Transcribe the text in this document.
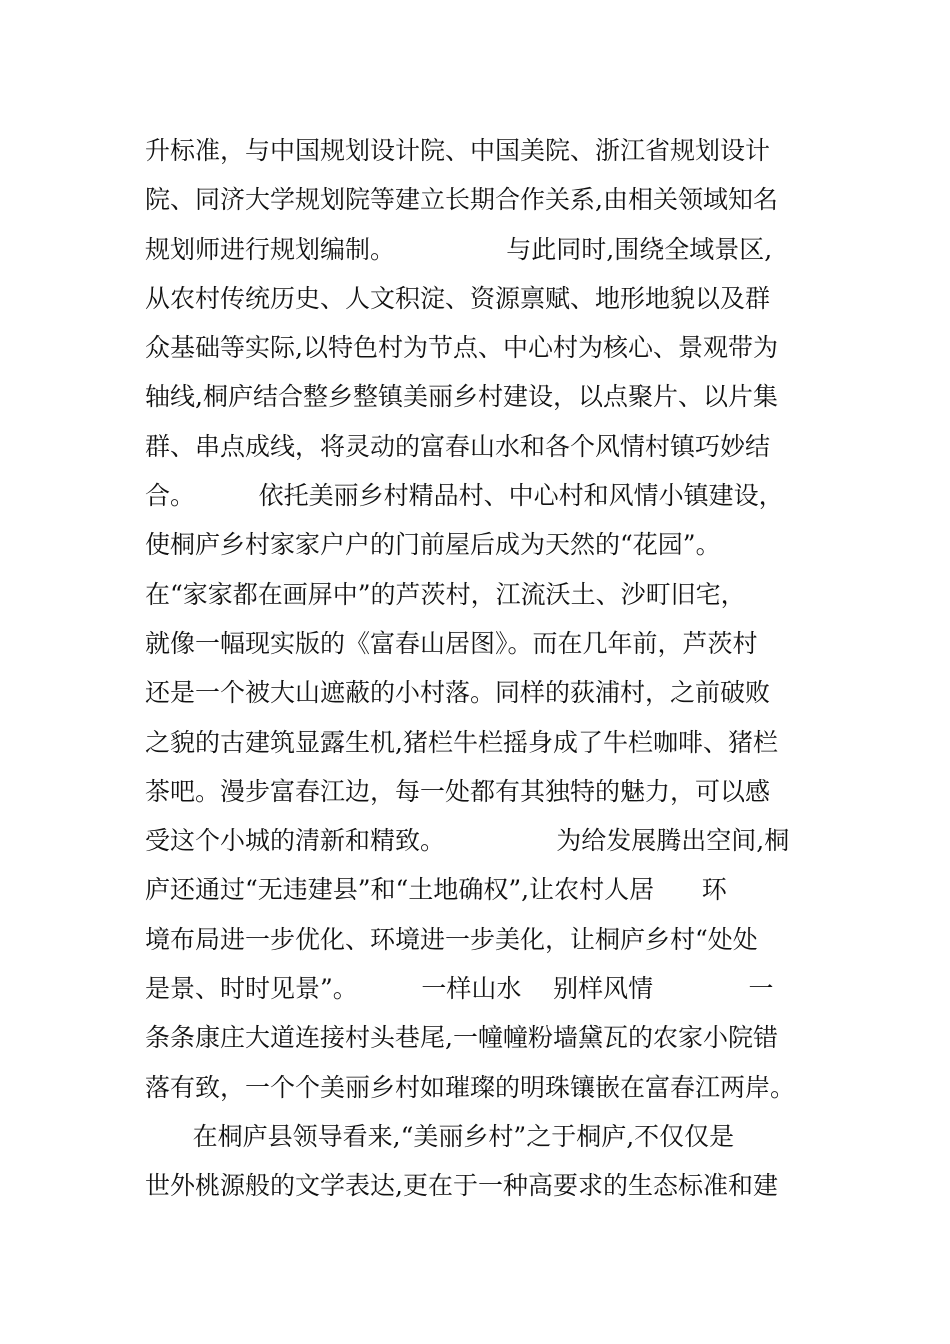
升标准，与中国规划设计院、中国美院、浙江省规划设计
院、同济大学规划院等建立长期合作关系,由相关领域知名
规划师进行规划编制。              与此同时,围绕全域景区,
从农村传统历史、人文积淀、资源禀赋、地形地貌以及群
众基础等实际,以特色村为节点、中心村为核心、景观带为
轴线,桐庐结合整乡整镇美丽乡村建设，以点聚片、以片集
群、串点成线，将灵动的富春山水和各个风情村镇巧妙结
合。        依托美丽乡村精品村、中心村和风情小镇建设，
使桐庐乡村家家户户的门前屋后成为天然的“花园”。
在“家家都在画屏中”的芦茨村，江流沃土、沙町旧宅，
就像一幅现实版的《富春山居图》。而在几年前，芦茨村
还是一个被大山遮蔽的小村落。同样的荻浦村，之前破败
之貌的古建筑显露生机,猪栏牛栏摇身成了牛栏咖啡、猪栏
茶吧。漫步富春江边，每一处都有其独特的魅力，可以感
受这个小城的清新和精致。              为给发展腾出空间,桐
庐还通过“无违建县”和“土地确权”,让农村人居      环
境布局进一步优化、环境进一步美化，让桐庐乡村“处处
是景、时时见景”。        一样山水    别样风情            一
条条康庄大道连接村头巷尾,一幢幢粉墙黛瓦的农家小院错
落有致，一个个美丽乡村如璀璨的明珠镶嵌在富春江两岸。
在桐庐县领导看来,“美丽乡村”之于桐庐,不仅仅是
世外桃源般的文学表达,更在于一种高要求的生态标准和建
